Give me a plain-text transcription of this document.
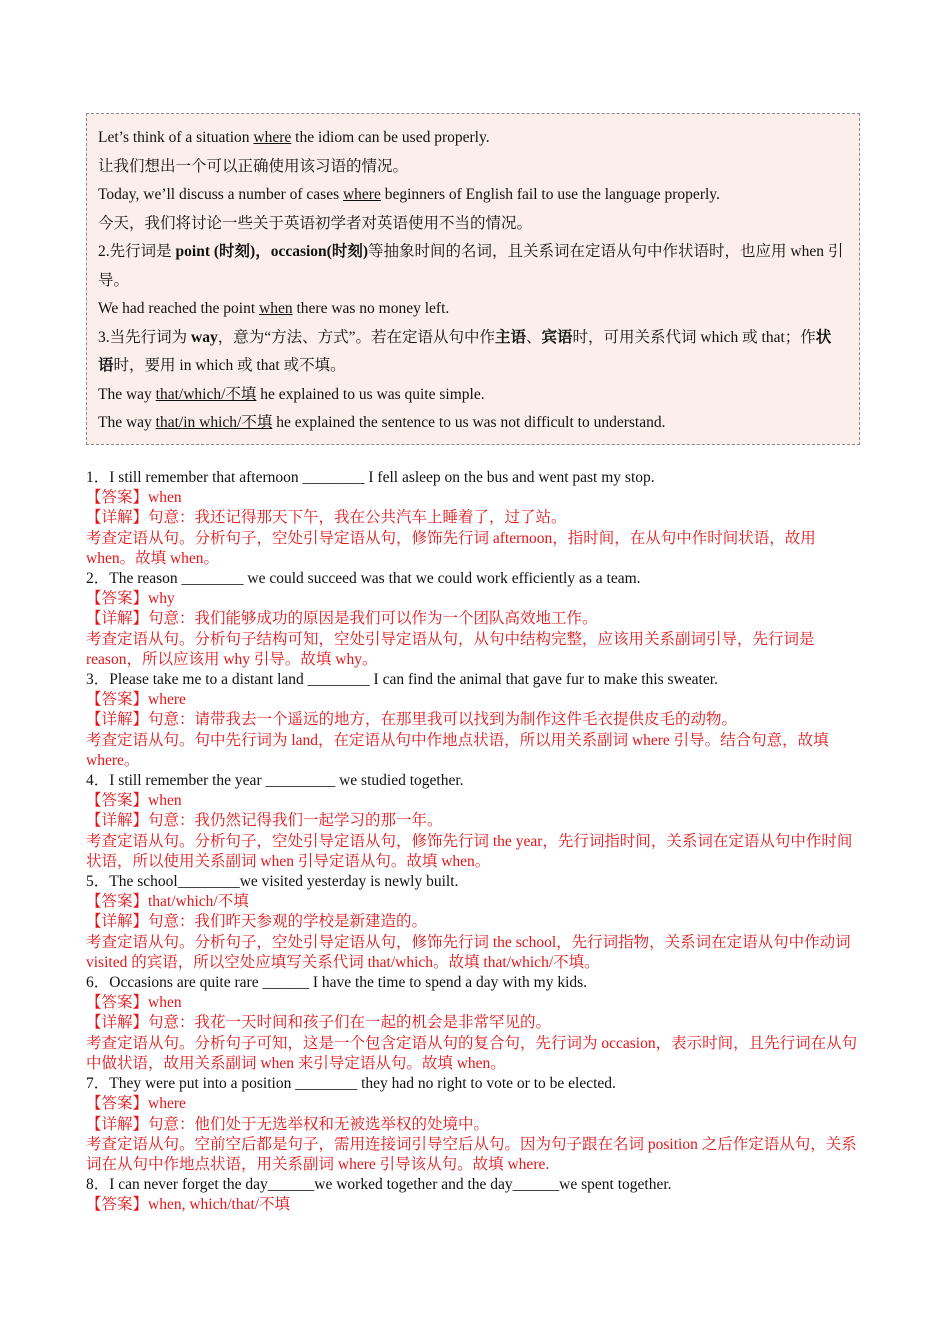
Let’s think of a situation where the idiom can be used properly.
让我们想出一个可以正确使用该习语的情况。
Today, we’ll discuss a number of cases where beginners of English fail to use the language properly.
今天，我们将讨论一些关于英语初学者对英语使用不当的情况。
2.先行词是 point (时刻)，occasion(时刻)等抽象时间的名词，且关系词在定语从句中作状语时，也应用 when 引导。
We had reached the point when there was no money left.
3.当先行词为 way，意为“方法、方式”。若在定语从句中作主语、宾语时，可用关系代词 which 或 that；作状语时，要用 in which 或 that 或不填。
The way that/which/不填 he explained to us was quite simple.
The way that/in which/不填 he explained the sentence to us was not difficult to understand.
1．I still remember that afternoon ________ I fell asleep on the bus and went past my stop.
【答案】when
【详解】句意：我还记得那天下午，我在公共汽车上睡着了，过了站。
考查定语从句。分析句子，空处引导定语从句，修饰先行词 afternoon，指时间，在从句中作时间状语，故用 when。故填 when。
2．The reason ________ we could succeed was that we could work efficiently as a team.
【答案】why
【详解】句意：我们能够成功的原因是我们可以作为一个团队高效地工作。
考查定语从句。分析句子结构可知，空处引导定语从句，从句中结构完整，应该用关系副词引导，先行词是 reason，所以应该用 why 引导。故填 why。
3．Please take me to a distant land ________ I can find the animal that gave fur to make this sweater.
【答案】where
【详解】句意：请带我去一个遥远的地方，在那里我可以找到为制作这件毛衣提供皮毛的动物。
考查定语从句。句中先行词为 land，在定语从句中作地点状语，所以用关系副词 where 引导。结合句意，故填 where。
4．I still remember the year _________ we studied together.
【答案】when
【详解】句意：我仍然记得我们一起学习的那一年。
考查定语从句。分析句子，空处引导定语从句，修饰先行词 the year，先行词指时间，关系词在定语从句中作时间状语，所以使用关系副词 when 引导定语从句。故填 when。
5．The school________we visited yesterday is newly built.
【答案】that/which/不填
【详解】句意：我们昨天参观的学校是新建造的。
考查定语从句。分析句子，空处引导定语从句，修饰先行词 the school，先行词指物，关系词在定语从句中作动词 visited 的宾语，所以空处应填写关系代词 that/which。故填 that/which/不填。
6．Occasions are quite rare ______ I have the time to spend a day with my kids.
【答案】when
【详解】句意：我花一天时间和孩子们在一起的机会是非常罕见的。
考查定语从句。分析句子可知，这是一个包含定语从句的复合句，先行词为 occasion，表示时间，且先行词在从句中做状语，故用关系副词 when 来引导定语从句。故填 when。
7．They were put into a position ________ they had no right to vote or to be elected.
【答案】where
【详解】句意：他们处于无选举权和无被选举权的处境中。
考查定语从句。空前空后都是句子，需用连接词引导空后从句。因为句子跟在名词 position 之后作定语从句，关系词在从句中作地点状语，用关系副词 where 引导该从句。故填 where.
8．I can never forget the day______we worked together and the day______we spent together.
【答案】when, which/that/不填
